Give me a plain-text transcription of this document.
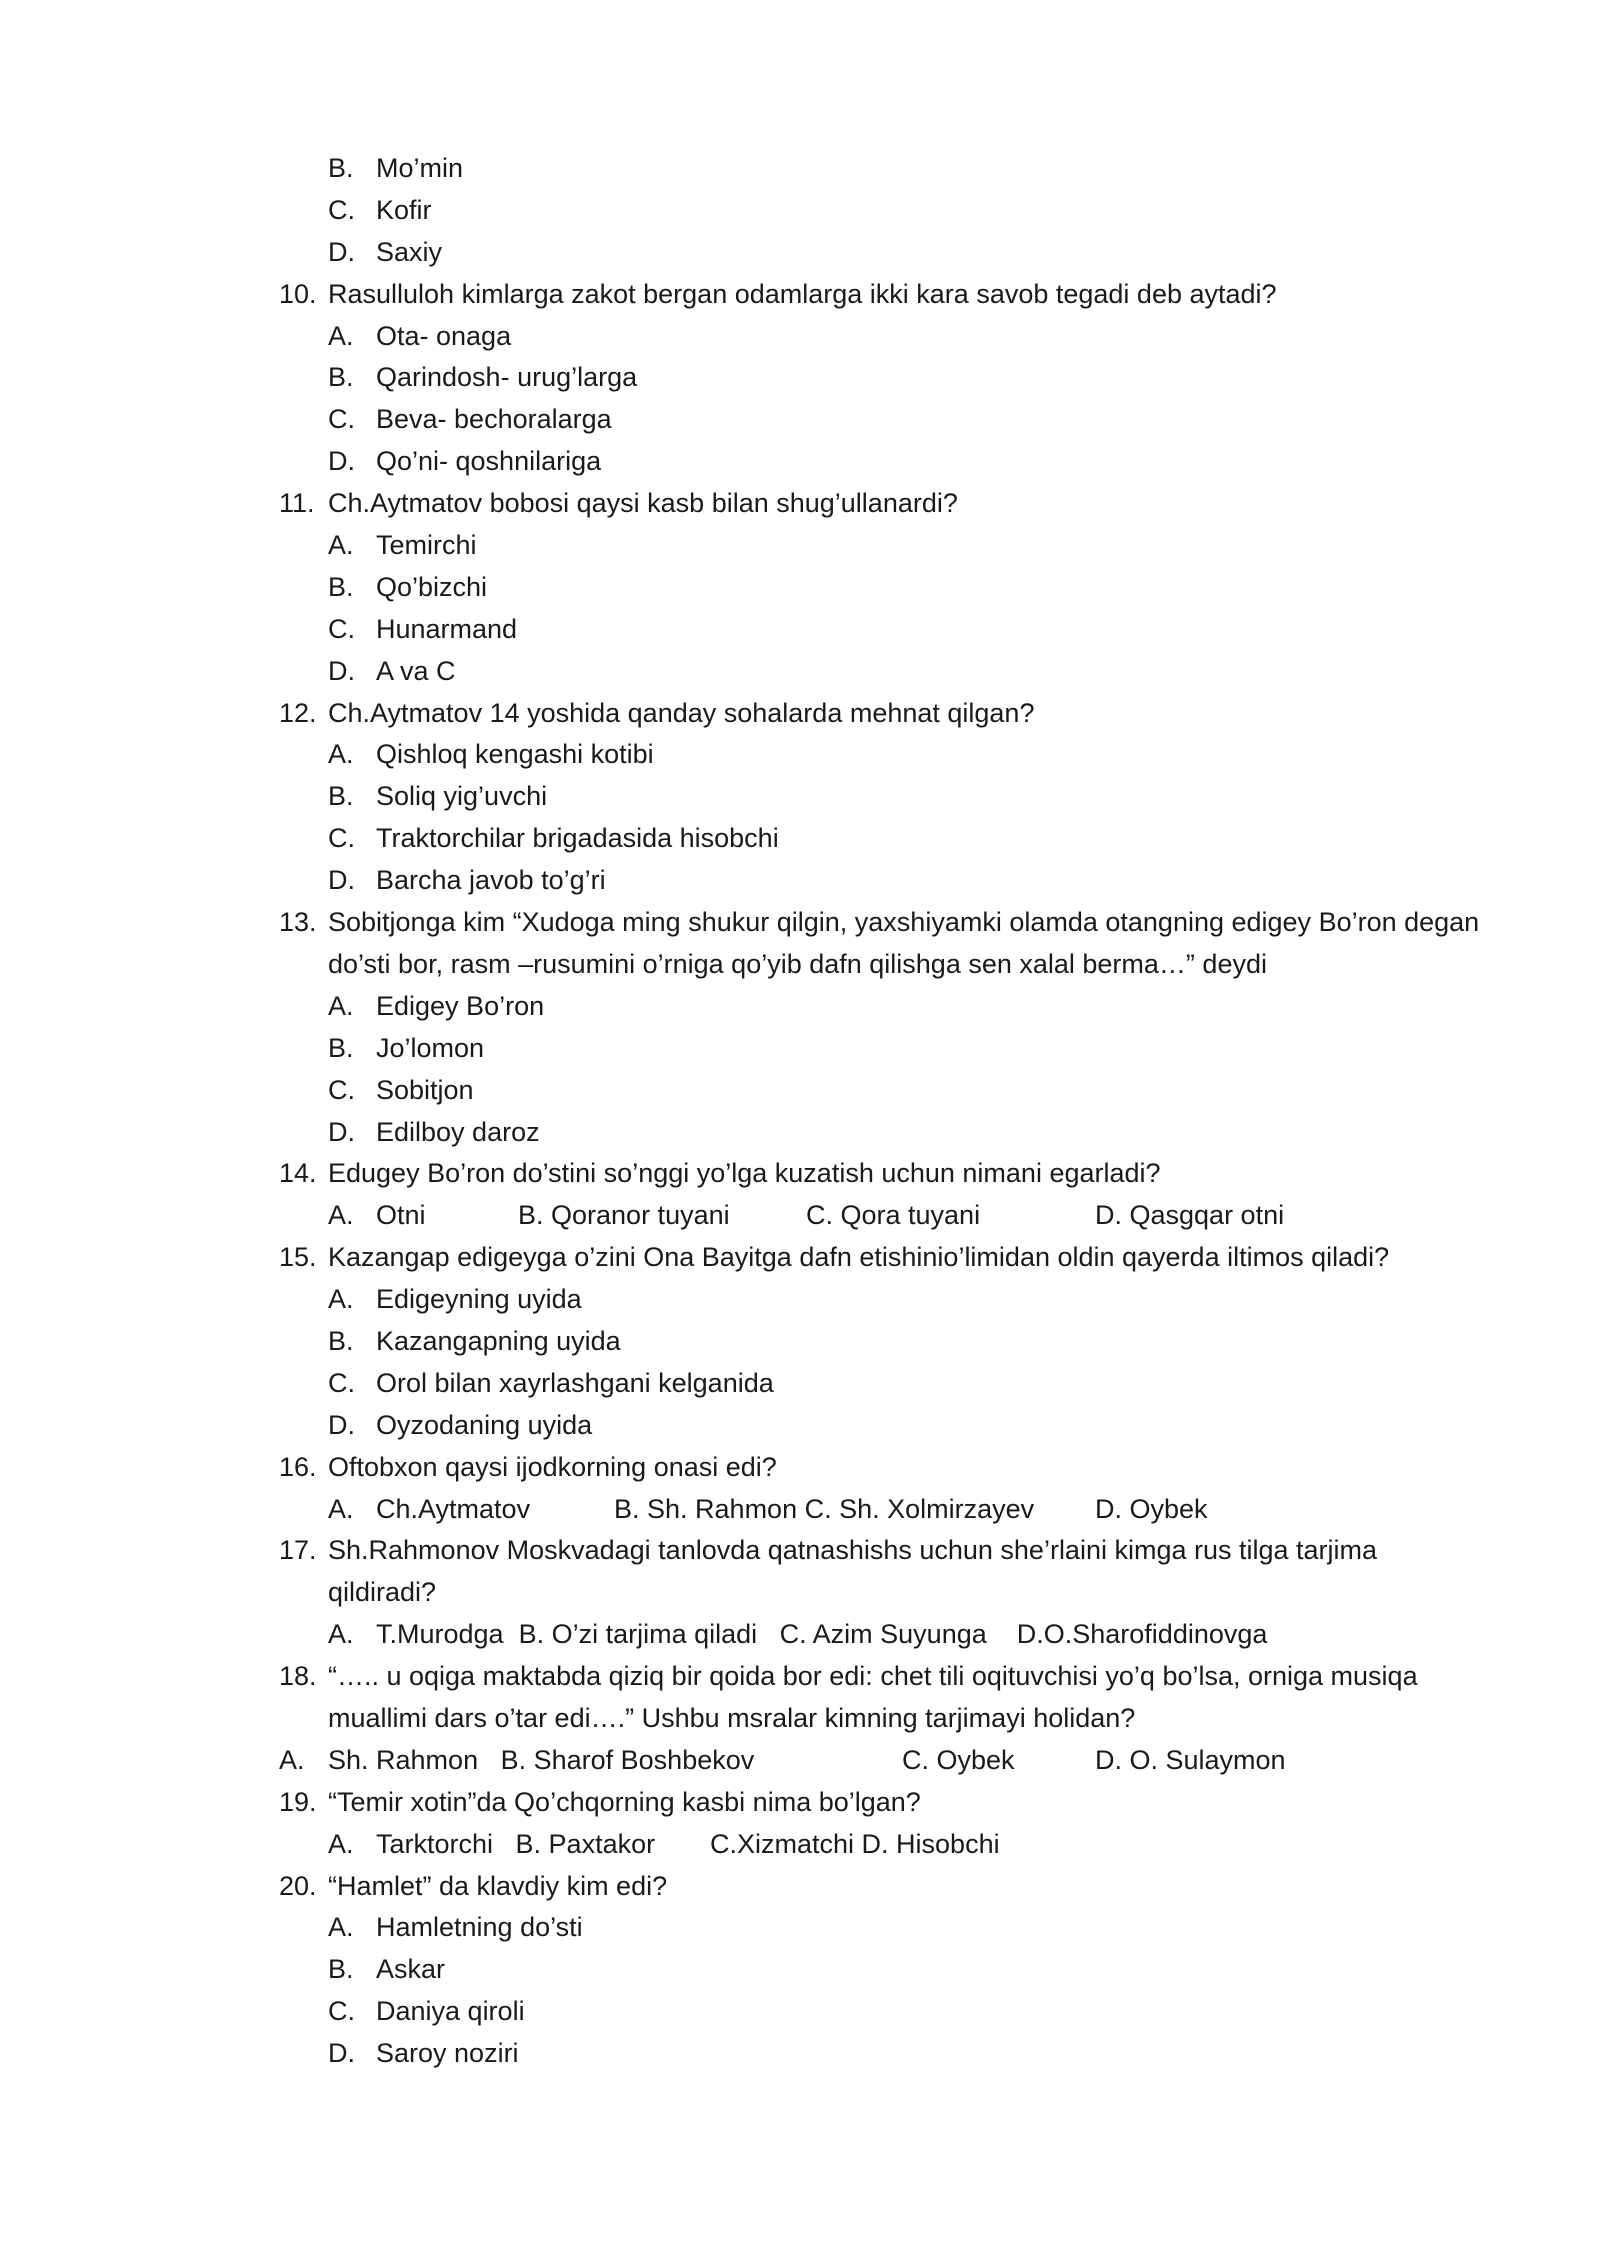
B. Mo’min
C. Kofir
D. Saxiy
10. Rasulluloh kimlarga zakot bergan odamlarga ikki kara savob tegadi deb aytadi?
A. Ota- onaga
B. Qarindosh- urug’larga
C. Beva- bechoralarga
D. Qo’ni- qoshnilariga
11. Ch.Aytmatov bobosi qaysi kasb bilan shug’ullanardi?
A. Temirchi
B. Qo’bizchi
C. Hunarmand
D. A va C
12. Ch.Aytmatov 14 yoshida qanday sohalarda mehnat qilgan?
A. Qishloq kengashi kotibi
B. Soliq yig’uvchi
C. Traktorchilar brigadasida hisobchi
D. Barcha javob to’g’ri
13. Sobitjonga kim “Xudoga ming shukur qilgin, yaxshiyamki olamda otangning edigey Bo’ron degan do’sti bor, rasm –rusumini o’rniga qo’yib dafn qilishga sen xalal berma…” deydi
A. Edigey Bo’ron
B. Jo’lomon
C. Sobitjon
D. Edilboy daroz
14. Edugey Bo’ron do’stini so’nggi yo’lga kuzatish uchun nimani egarladi?
A. Otni	B. Qoranor tuyani	C. Qora tuyani	D. Qasgqar otni
15. Kazangap edigeyga o’zini Ona Bayitga dafn etishinio’limidan oldin qayerda iltimos qiladi?
A. Edigeyning uyida
B. Kazangapning uyida
C. Orol bilan xayrlashgani kelganida
D. Oyzodaning uyida
16. Oftobxon qaysi ijodkorning onasi edi?
A. Ch.Aytmatov	B. Sh. Rahmon C. Sh. Xolmirzayev D. Oybek
17. Sh.Rahmonov Moskvadagi tanlovda qatnashishs uchun she’rlaini kimga rus tilga tarjima qildiradi?
A. T.Murodga  B. O’zi tarjima qiladi   C. Azim Suyunga    D.O.Sharofiddinovga
18. “….. u oqiga maktabda qiziq bir qoida bor edi: chet tili oqituvchisi yo’q bo’lsa, orniga musiqa muallimi dars o’tar edi….” Ushbu msralar kimning tarjimayi holidan?
A. Sh. Rahmon   B. Sharof Boshbekov	C. Oybek	D. O. Sulaymon
19. “Temir xotin”da Qo’chqorning kasbi nima bo’lgan?
A. Tarktorchi   B. Paxtakor C.Xizmatchi D. Hisobchi
20. “Hamlet” da klavdiy kim edi?
A. Hamletning do’sti
B. Askar
C. Daniya qiroli
D. Saroy noziri
